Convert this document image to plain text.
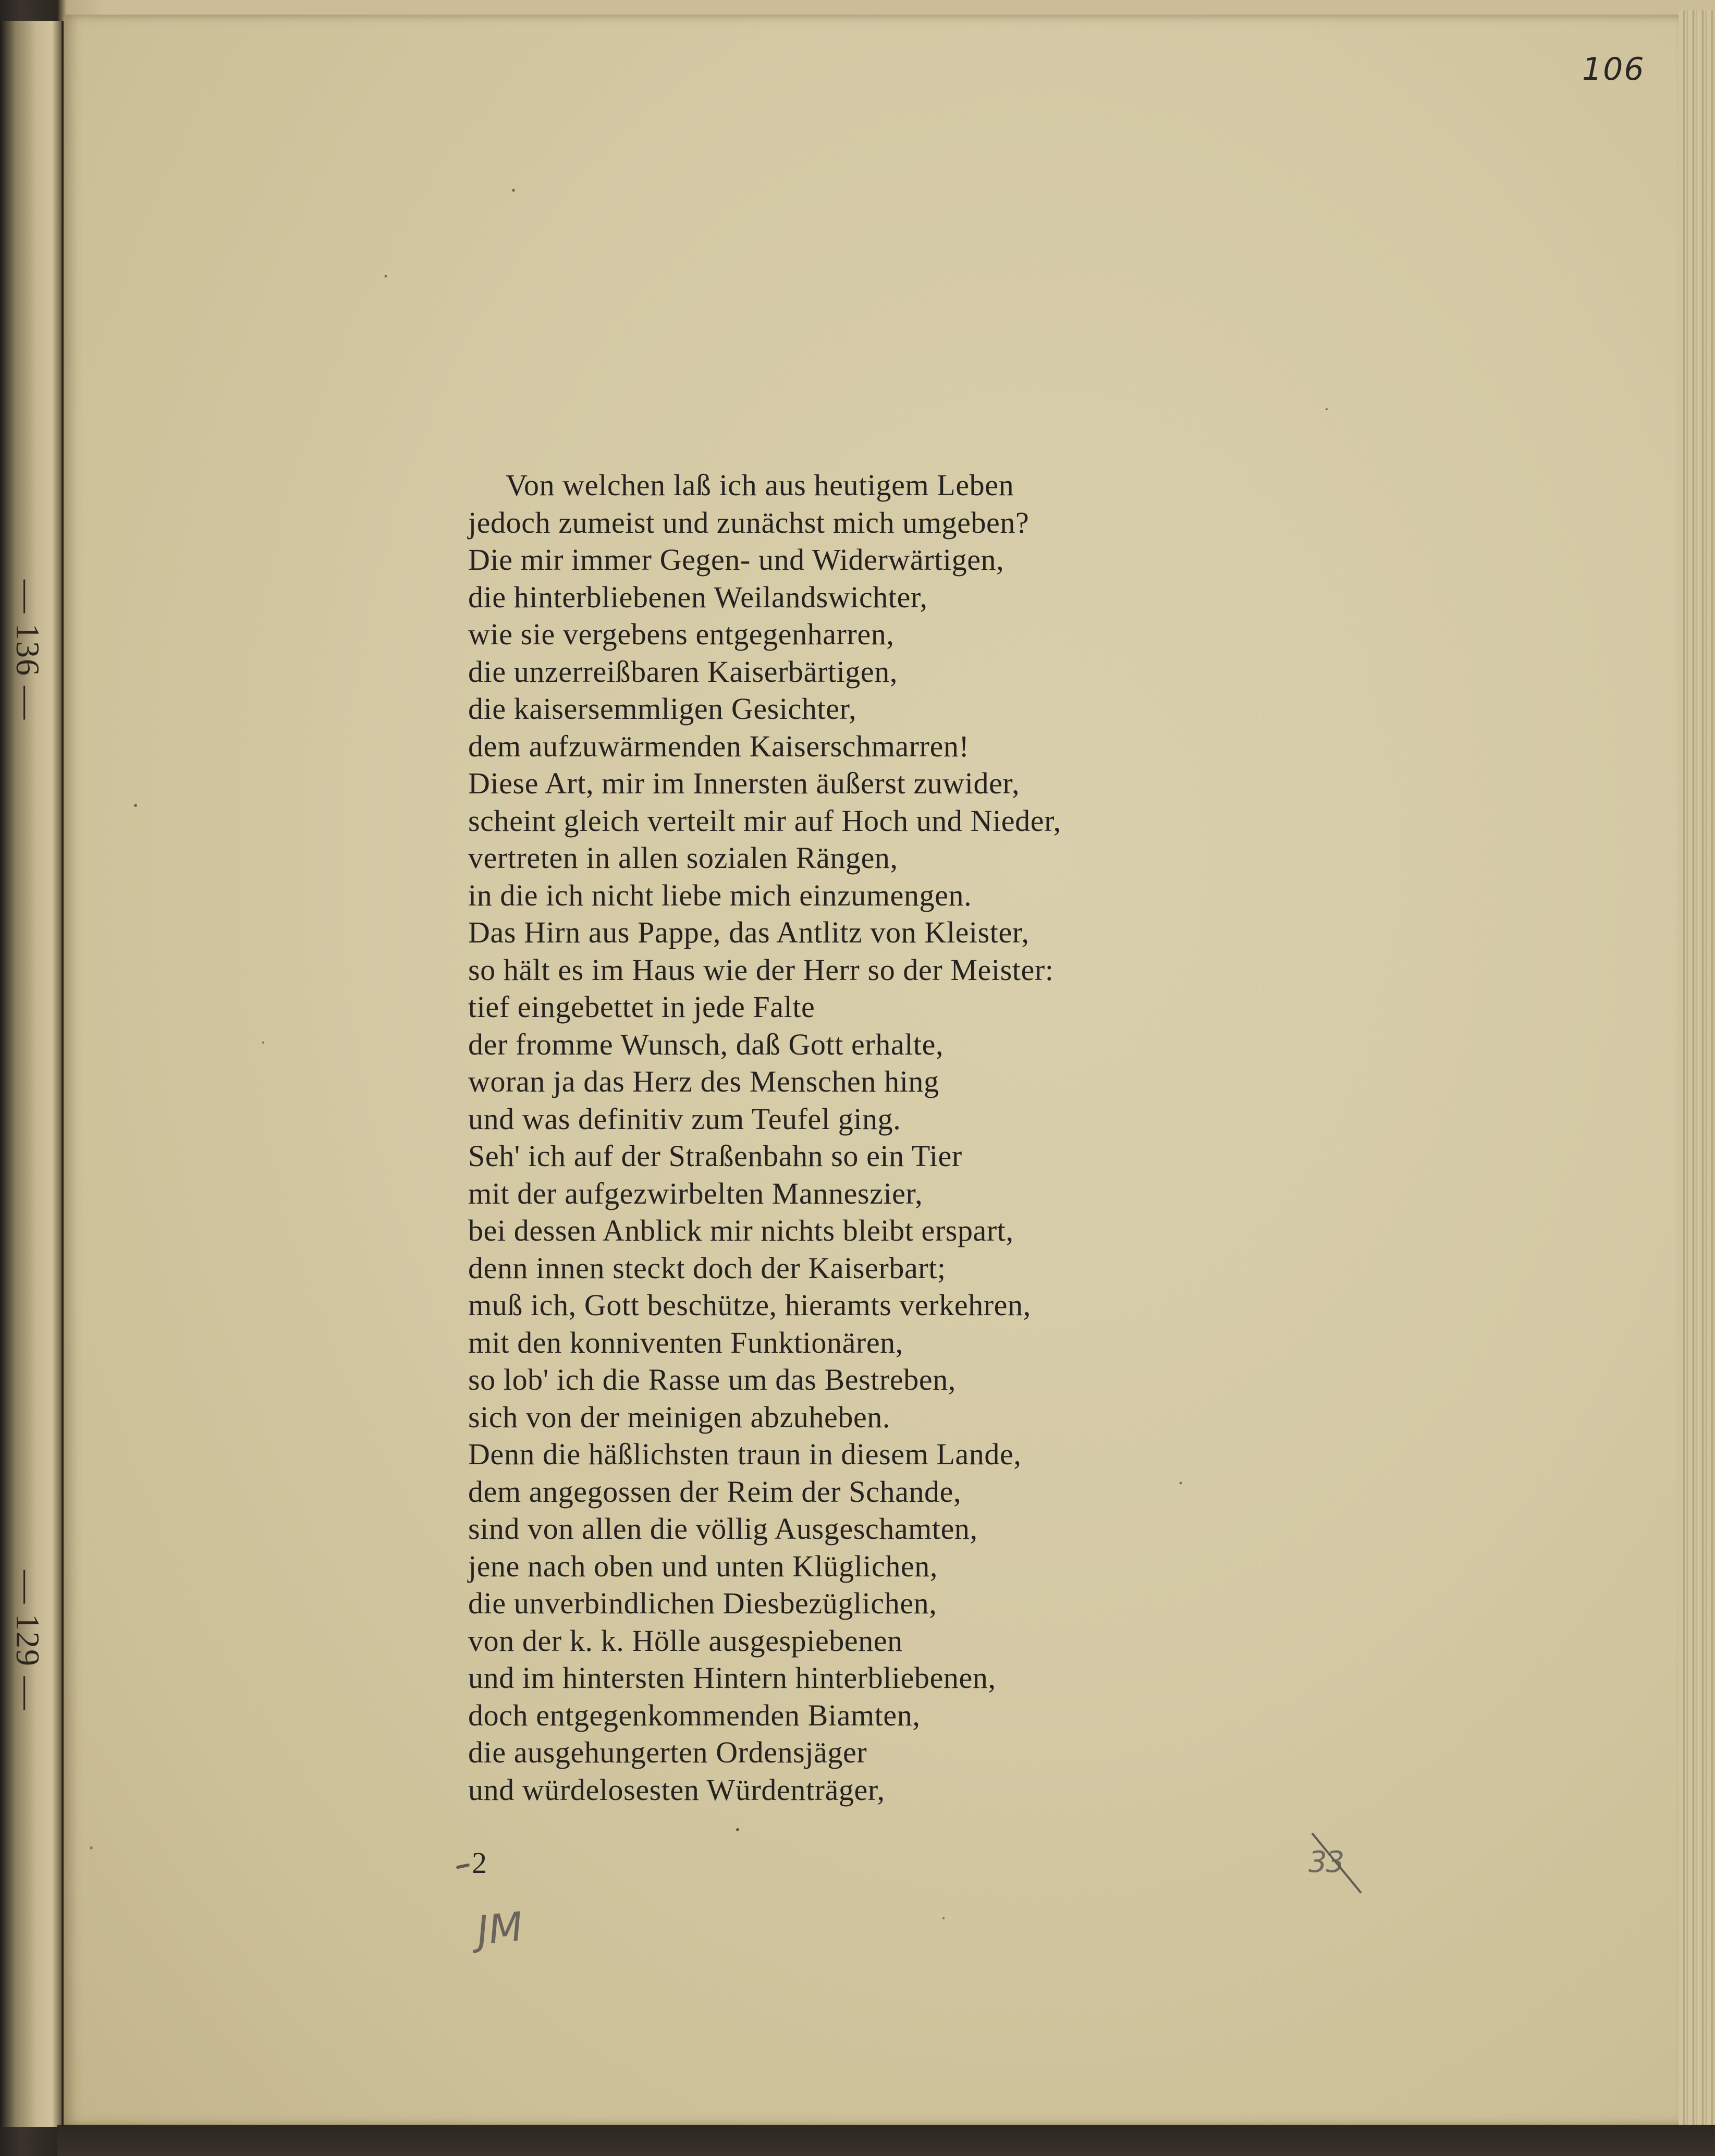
— 136 —
— 129 —
106
Von welchen laß ich aus heutigem Leben
jedoch zumeist und zunächst mich umgeben?
Die mir immer Gegen- und Widerwärtigen,
die hinterbliebenen Weilandswichter,
wie sie vergebens entgegenharren,
die unzerreißbaren Kaiserbärtigen,
die kaisersemmligen Gesichter,
dem aufzuwärmenden Kaiserschmarren!
Diese Art, mir im Innersten äußerst zuwider,
scheint gleich verteilt mir auf Hoch und Nieder,
vertreten in allen sozialen Rängen,
in die ich nicht liebe mich einzumengen.
Das Hirn aus Pappe, das Antlitz von Kleister,
so hält es im Haus wie der Herr so der Meister:
tief eingebettet in jede Falte
der fromme Wunsch, daß Gott erhalte,
woran ja das Herz des Menschen hing
und was definitiv zum Teufel ging.
Seh' ich auf der Straßenbahn so ein Tier
mit der aufgezwirbelten Manneszier,
bei dessen Anblick mir nichts bleibt erspart,
denn innen steckt doch der Kaiserbart;
muß ich, Gott beschütze, hieramts verkehren,
mit den konniventen Funktionären,
so lob' ich die Rasse um das Bestreben,
sich von der meinigen abzuheben.
Denn die häßlichsten traun in diesem Lande,
dem angegossen der Reim der Schande,
sind von allen die völlig Ausgeschamten,
jene nach oben und unten Klüglichen,
die unverbindlichen Diesbezüglichen,
von der k. k. Hölle ausgespiebenen
und im hintersten Hintern hinterbliebenen,
doch entgegenkommenden Biamten,
die ausgehungerten Ordensjäger
und würdelosesten Würdenträger,
2
JM
33
